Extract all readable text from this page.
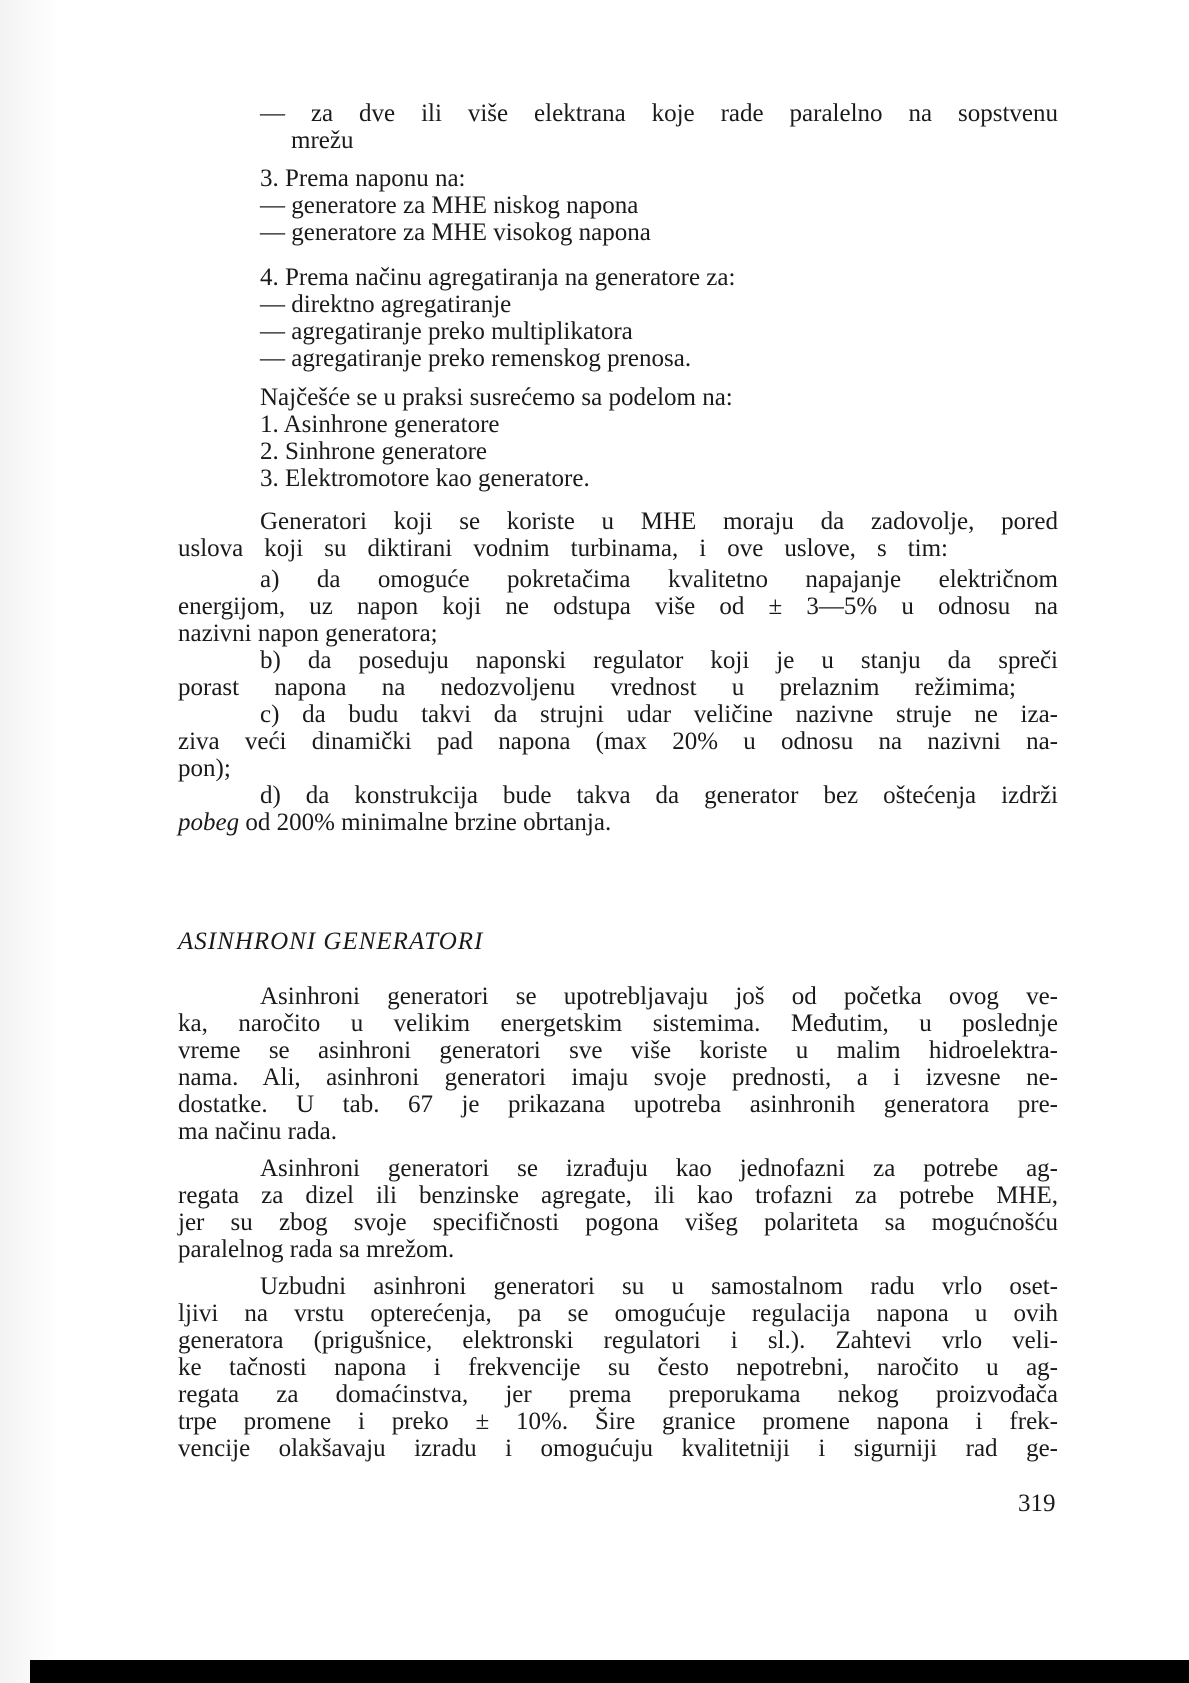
— za dve ili više elektrana koje rade paralelno na sopstvenu
mrežu
3. Prema naponu na:
— generatore za MHE niskog napona
— generatore za MHE visokog napona
4. Prema načinu agregatiranja na generatore za:
— direktno agregatiranje
— agregatiranje preko multiplikatora
— agregatiranje preko remenskog prenosa.
Najčešće se u praksi susrećemo sa podelom na:
1. Asinhrone generatore
2. Sinhrone generatore
3. Elektromotore kao generatore.
Generatori koji se koriste u MHE moraju da zadovolje, pored
uslova koji su diktirani vodnim turbinama, i ove uslove, s tim:
a) da omoguće pokretačima kvalitetno napajanje električnom
energijom, uz napon koji ne odstupa više od ± 3—5% u odnosu na
nazivni napon generatora;
b) da poseduju naponski regulator koji je u stanju da spreči
porast napona na nedozvoljenu vrednost u prelaznim režimima;
c) da budu takvi da strujni udar veličine nazivne struje ne iza-
ziva veći dinamički pad napona (max 20% u odnosu na nazivni na-
pon);
d) da konstrukcija bude takva da generator bez oštećenja izdrži
pobeg od 200% minimalne brzine obrtanja.
ASINHRONI GENERATORI
Asinhroni generatori se upotrebljavaju još od početka ovog ve-
ka, naročito u velikim energetskim sistemima. Međutim, u poslednje
vreme se asinhroni generatori sve više koriste u malim hidroelektra-
nama. Ali, asinhroni generatori imaju svoje prednosti, a i izvesne ne-
dostatke. U tab. 67 je prikazana upotreba asinhronih generatora pre-
ma načinu rada.
Asinhroni generatori se izrađuju kao jednofazni za potrebe ag-
regata za dizel ili benzinske agregate, ili kao trofazni za potrebe MHE,
jer su zbog svoje specifičnosti pogona višeg polariteta sa mogućnošću
paralelnog rada sa mrežom.
Uzbudni asinhroni generatori su u samostalnom radu vrlo oset-
ljivi na vrstu opterećenja, pa se omogućuje regulacija napona u ovih
generatora (prigušnice, elektronski regulatori i sl.). Zahtevi vrlo veli-
ke tačnosti napona i frekvencije su često nepotrebni, naročito u ag-
regata za domaćinstva, jer prema preporukama nekog proizvođača
trpe promene i preko ± 10%. Šire granice promene napona i frek-
vencije olakšavaju izradu i omogućuju kvalitetniji i sigurniji rad ge-
319
